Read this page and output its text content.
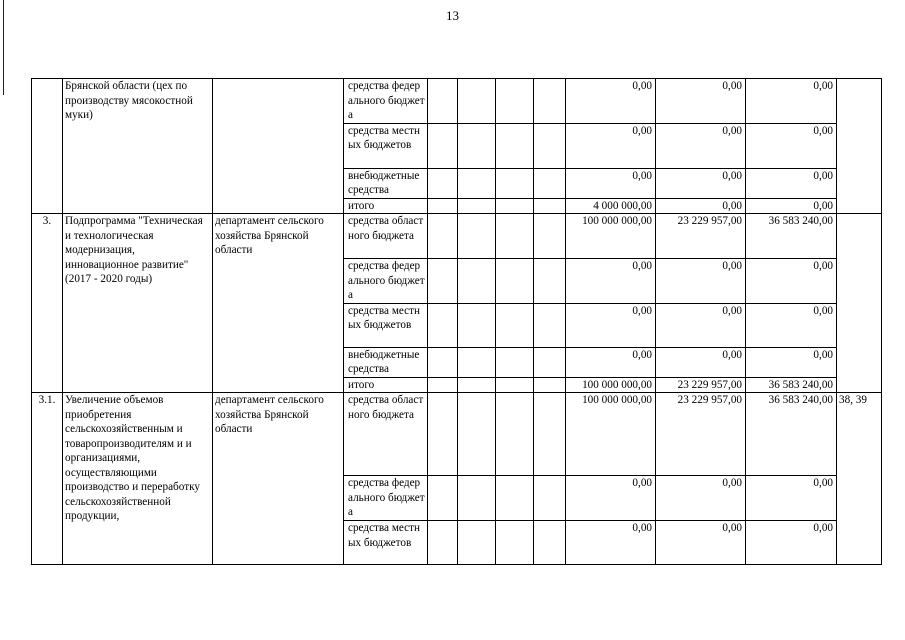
13
	Брянской области (цех по производству мясокостной муки)		средства федерального бюджета					0,00	0,00	0,00	
			средства местных бюджетов					0,00	0,00	0,00	
			внебюджетные средства					0,00	0,00	0,00	
			итого					4 000 000,00	0,00	0,00	
3.	Подпрограмма "Техническая и технологическая модернизация, инновационное развитие" (2017 - 2020 годы)	департамент сельского хозяйства Брянской области	средства областного бюджета					100 000 000,00	23 229 957,00	36 583 240,00	
			средства федерального бюджета					0,00	0,00	0,00	
			средства местных бюджетов					0,00	0,00	0,00	
			внебюджетные средства					0,00	0,00	0,00	
			итого					100 000 000,00	23 229 957,00	36 583 240,00	
3.1.	Увеличение объемов приобретения сельскохозяйственным и товаропроизводителям и и организациями, осуществляющими производство и переработку сельскохозяйственной продукции,	департамент сельского хозяйства Брянской области	средства областного бюджета					100 000 000,00	23 229 957,00	36 583 240,00	38, 39
			средства федерального бюджета					0,00	0,00	0,00	
			средства местных бюджетов					0,00	0,00	0,00	
